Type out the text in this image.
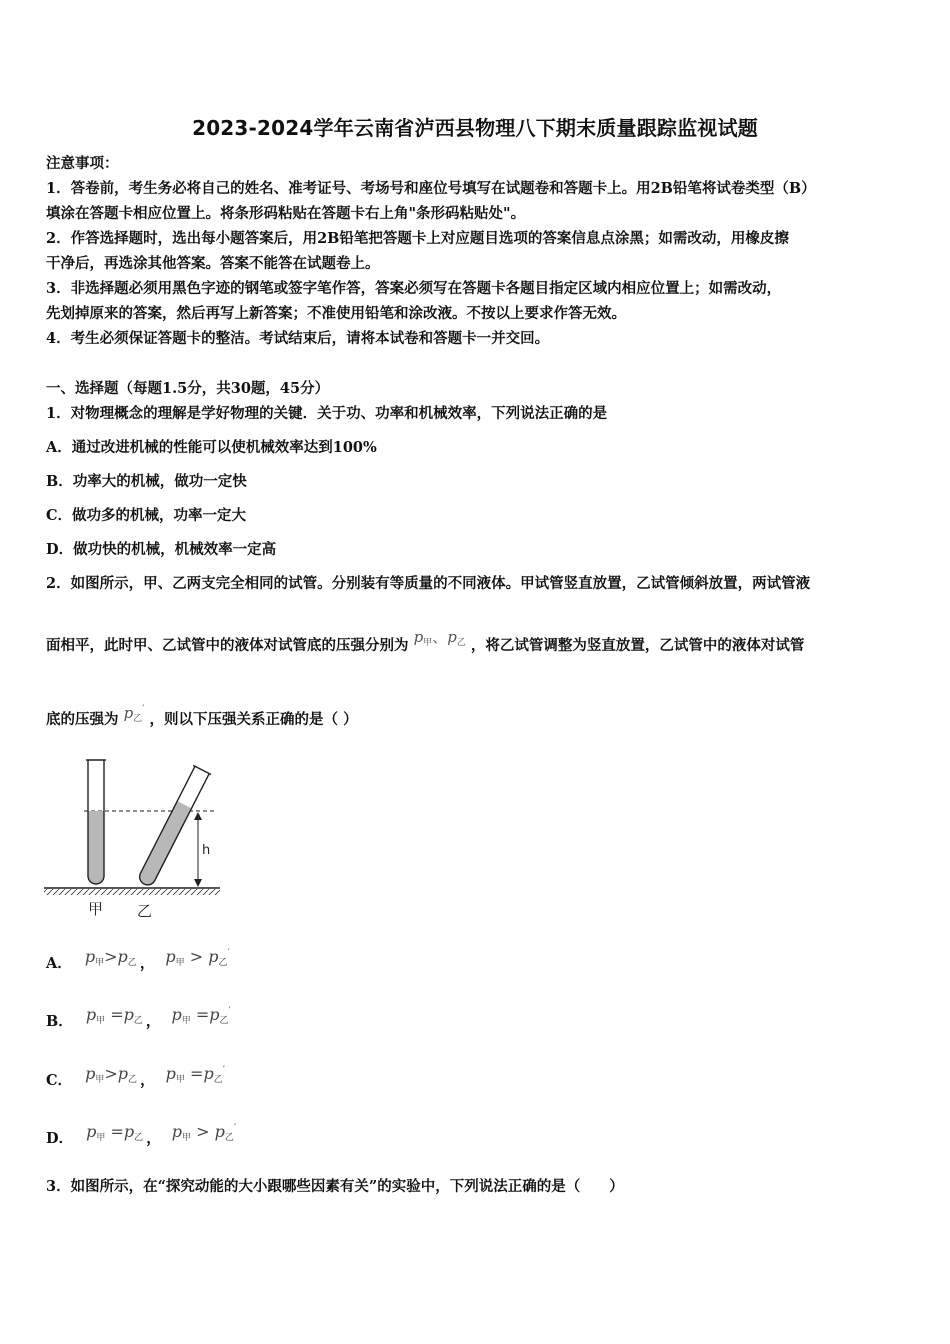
2023-2024学年云南省泸西县物理八下期末质量跟踪监视试题
注意事项：
1．答卷前，考生务必将自己的姓名、准考证号、考场号和座位号填写在试题卷和答题卡上。用2B铅笔将试卷类型（B）
填涂在答题卡相应位置上。将条形码粘贴在答题卡右上角"条形码粘贴处"。
2．作答选择题时，选出每小题答案后，用2B铅笔把答题卡上对应题目选项的答案信息点涂黑；如需改动，用橡皮擦
干净后，再选涂其他答案。答案不能答在试题卷上。
3．非选择题必须用黑色字迹的钢笔或签字笔作答，答案必须写在答题卡各题目指定区域内相应位置上；如需改动，
先划掉原来的答案，然后再写上新答案；不准使用铅笔和涂改液。不按以上要求作答无效。
4．考生必须保证答题卡的整洁。考试结束后，请将本试卷和答题卡一并交回。
一、选择题（每题1.5分，共30题，45分）
1．对物理概念的理解是学好物理的关键．关于功、功率和机械效率，下列说法正确的是
A．通过改进机械的性能可以使机械效率达到100%
B．功率大的机械，做功一定快
C．做功多的机械，功率一定大
D．做功快的机械，机械效率一定高
2．如图所示，甲、乙两支完全相同的试管。分别装有等质量的不同液体。甲试管竖直放置，乙试管倾斜放置，两试管液
面相平，此时甲、乙试管中的液体对试管底的压强分别为 $p_甲$、$p_乙$ ，将乙试管调整为竖直放置，乙试管中的液体对试管
底的压强为 $p_乙'$ ，则以下压强关系正确的是（ ）
h
甲 乙
A． $p_甲>p_乙$ ， $p_甲 > p_乙'$
B． $p_甲 =p_乙$ ， $p_甲 =p_乙'$
C． $p_甲>p_乙$ ， $p_甲 =p_乙'$
D． $p_甲 =p_乙$ ， $p_甲 > p_乙'$
3．如图所示，在“探究动能的大小跟哪些因素有关”的实验中，下列说法正确的是（　　）
